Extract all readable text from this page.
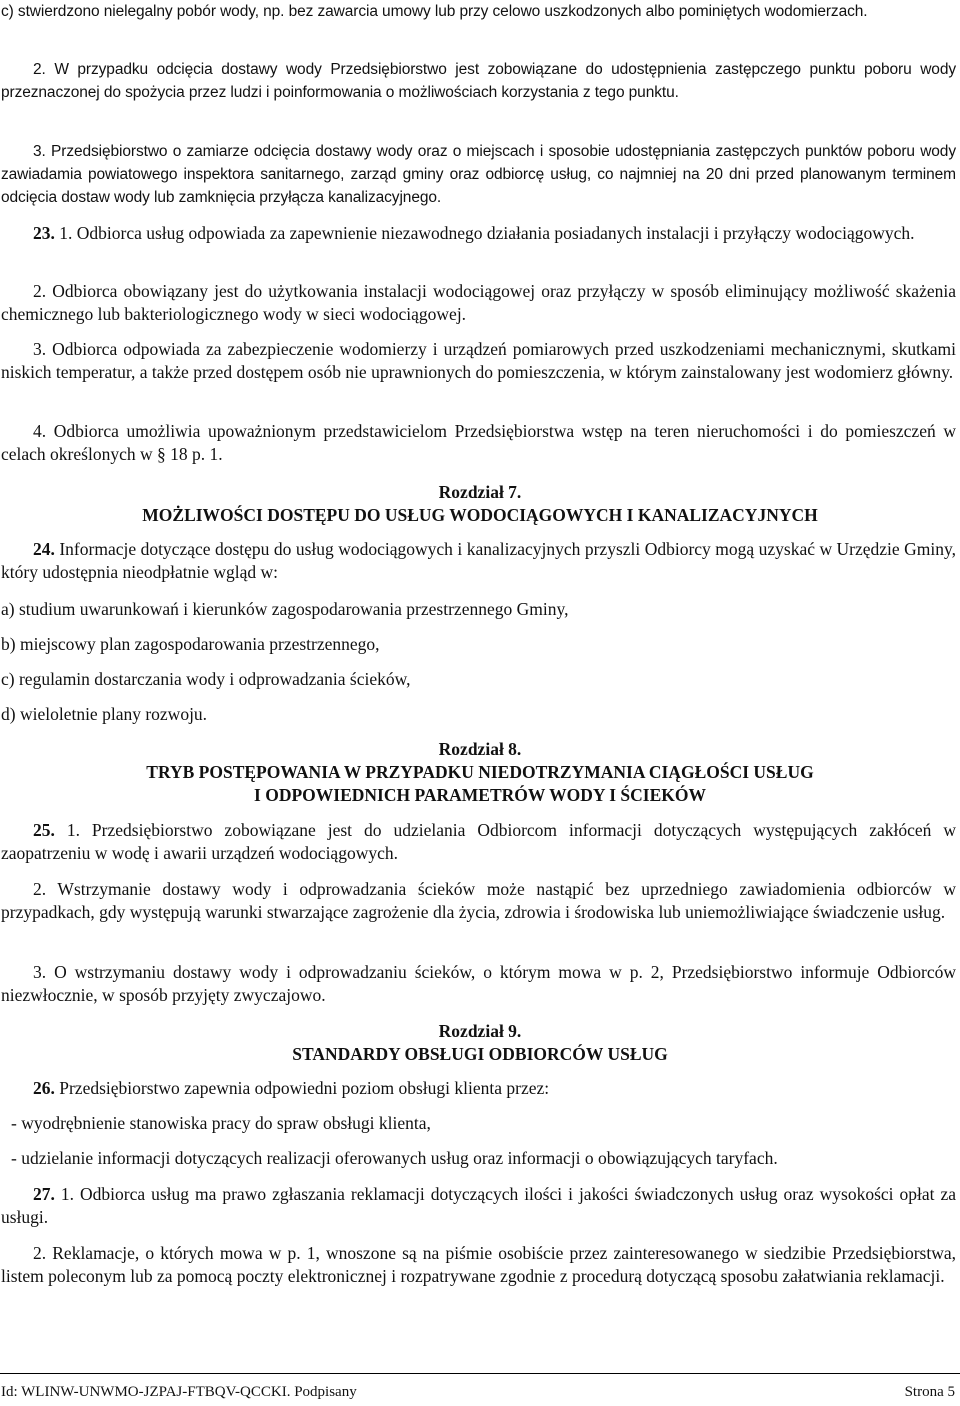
c) stwierdzono nielegalny pobór wody, np. bez zawarcia umowy lub przy celowo uszkodzonych albo pominiętych wodomierzach.
2. W przypadku odcięcia dostawy wody Przedsiębiorstwo jest zobowiązane do udostępnienia zastępczego punktu poboru wody przeznaczonej do spożycia przez ludzi i poinformowania o możliwościach korzystania z tego punktu.
3. Przedsiębiorstwo o zamiarze odcięcia dostawy wody oraz o miejscach i sposobie udostępniania zastępczych punktów poboru wody zawiadamia powiatowego inspektora sanitarnego, zarząd gminy oraz odbiorcę usług, co najmniej na 20 dni przed planowanym terminem odcięcia dostaw wody lub zamknięcia przyłącza kanalizacyjnego.
23. 1. Odbiorca usług odpowiada za zapewnienie niezawodnego działania posiadanych instalacji i przyłączy wodociągowych.
2. Odbiorca obowiązany jest do użytkowania instalacji wodociągowej oraz przyłączy w sposób eliminujący możliwość skażenia chemicznego lub bakteriologicznego wody w sieci wodociągowej.
3. Odbiorca odpowiada za zabezpieczenie wodomierzy i urządzeń pomiarowych przed uszkodzeniami mechanicznymi, skutkami niskich temperatur, a także przed dostępem osób nie uprawnionych do pomieszczenia, w którym zainstalowany jest wodomierz główny.
4. Odbiorca umożliwia upoważnionym przedstawicielom Przedsiębiorstwa wstęp na teren nieruchomości i do pomieszczeń w celach określonych w § 18 p. 1.
Rozdział 7.
MOŻLIWOŚCI DOSTĘPU DO USŁUG WODOCIĄGOWYCH I KANALIZACYJNYCH
24. Informacje dotyczące dostępu do usług wodociągowych i kanalizacyjnych przyszli Odbiorcy mogą uzyskać w Urzędzie Gminy, który udostępnia nieodpłatnie wgląd w:
a) studium uwarunkowań i kierunków zagospodarowania przestrzennego Gminy,
b) miejscowy plan zagospodarowania przestrzennego,
c) regulamin dostarczania wody i odprowadzania ścieków,
d) wieloletnie plany rozwoju.
Rozdział 8.
TRYB POSTĘPOWANIA W PRZYPADKU NIEDOTRZYMANIA CIĄGŁOŚCI USŁUG
I ODPOWIEDNICH PARAMETRÓW WODY I ŚCIEKÓW
25. 1. Przedsiębiorstwo zobowiązane jest do udzielania Odbiorcom informacji dotyczących występujących zakłóceń w zaopatrzeniu w wodę i awarii urządzeń wodociągowych.
2. Wstrzymanie dostawy wody i odprowadzania ścieków może nastąpić bez uprzedniego zawiadomienia odbiorców w przypadkach, gdy występują warunki stwarzające zagrożenie dla życia, zdrowia i środowiska lub uniemożliwiające świadczenie usług.
3. O wstrzymaniu dostawy wody i odprowadzaniu ścieków, o którym mowa w p. 2, Przedsiębiorstwo informuje Odbiorców niezwłocznie, w sposób przyjęty zwyczajowo.
Rozdział 9.
STANDARDY OBSŁUGI ODBIORCÓW USŁUG
26. Przedsiębiorstwo zapewnia odpowiedni poziom obsługi klienta przez:
- wyodrębnienie stanowiska pracy do spraw obsługi klienta,
- udzielanie informacji dotyczących realizacji oferowanych usług oraz informacji o obowiązujących taryfach.
27. 1. Odbiorca usług ma prawo zgłaszania reklamacji dotyczących ilości i jakości świadczonych usług oraz wysokości opłat za usługi.
2. Reklamacje, o których mowa w p. 1, wnoszone są na piśmie osobiście przez zainteresowanego w siedzibie Przedsiębiorstwa, listem poleconym lub za pomocą poczty elektronicznej i rozpatrywane zgodnie z procedurą dotyczącą sposobu załatwiania reklamacji.
Id: WLINW-UNWMO-JZPAJ-FTBQV-QCCKI. Podpisany	Strona 5
